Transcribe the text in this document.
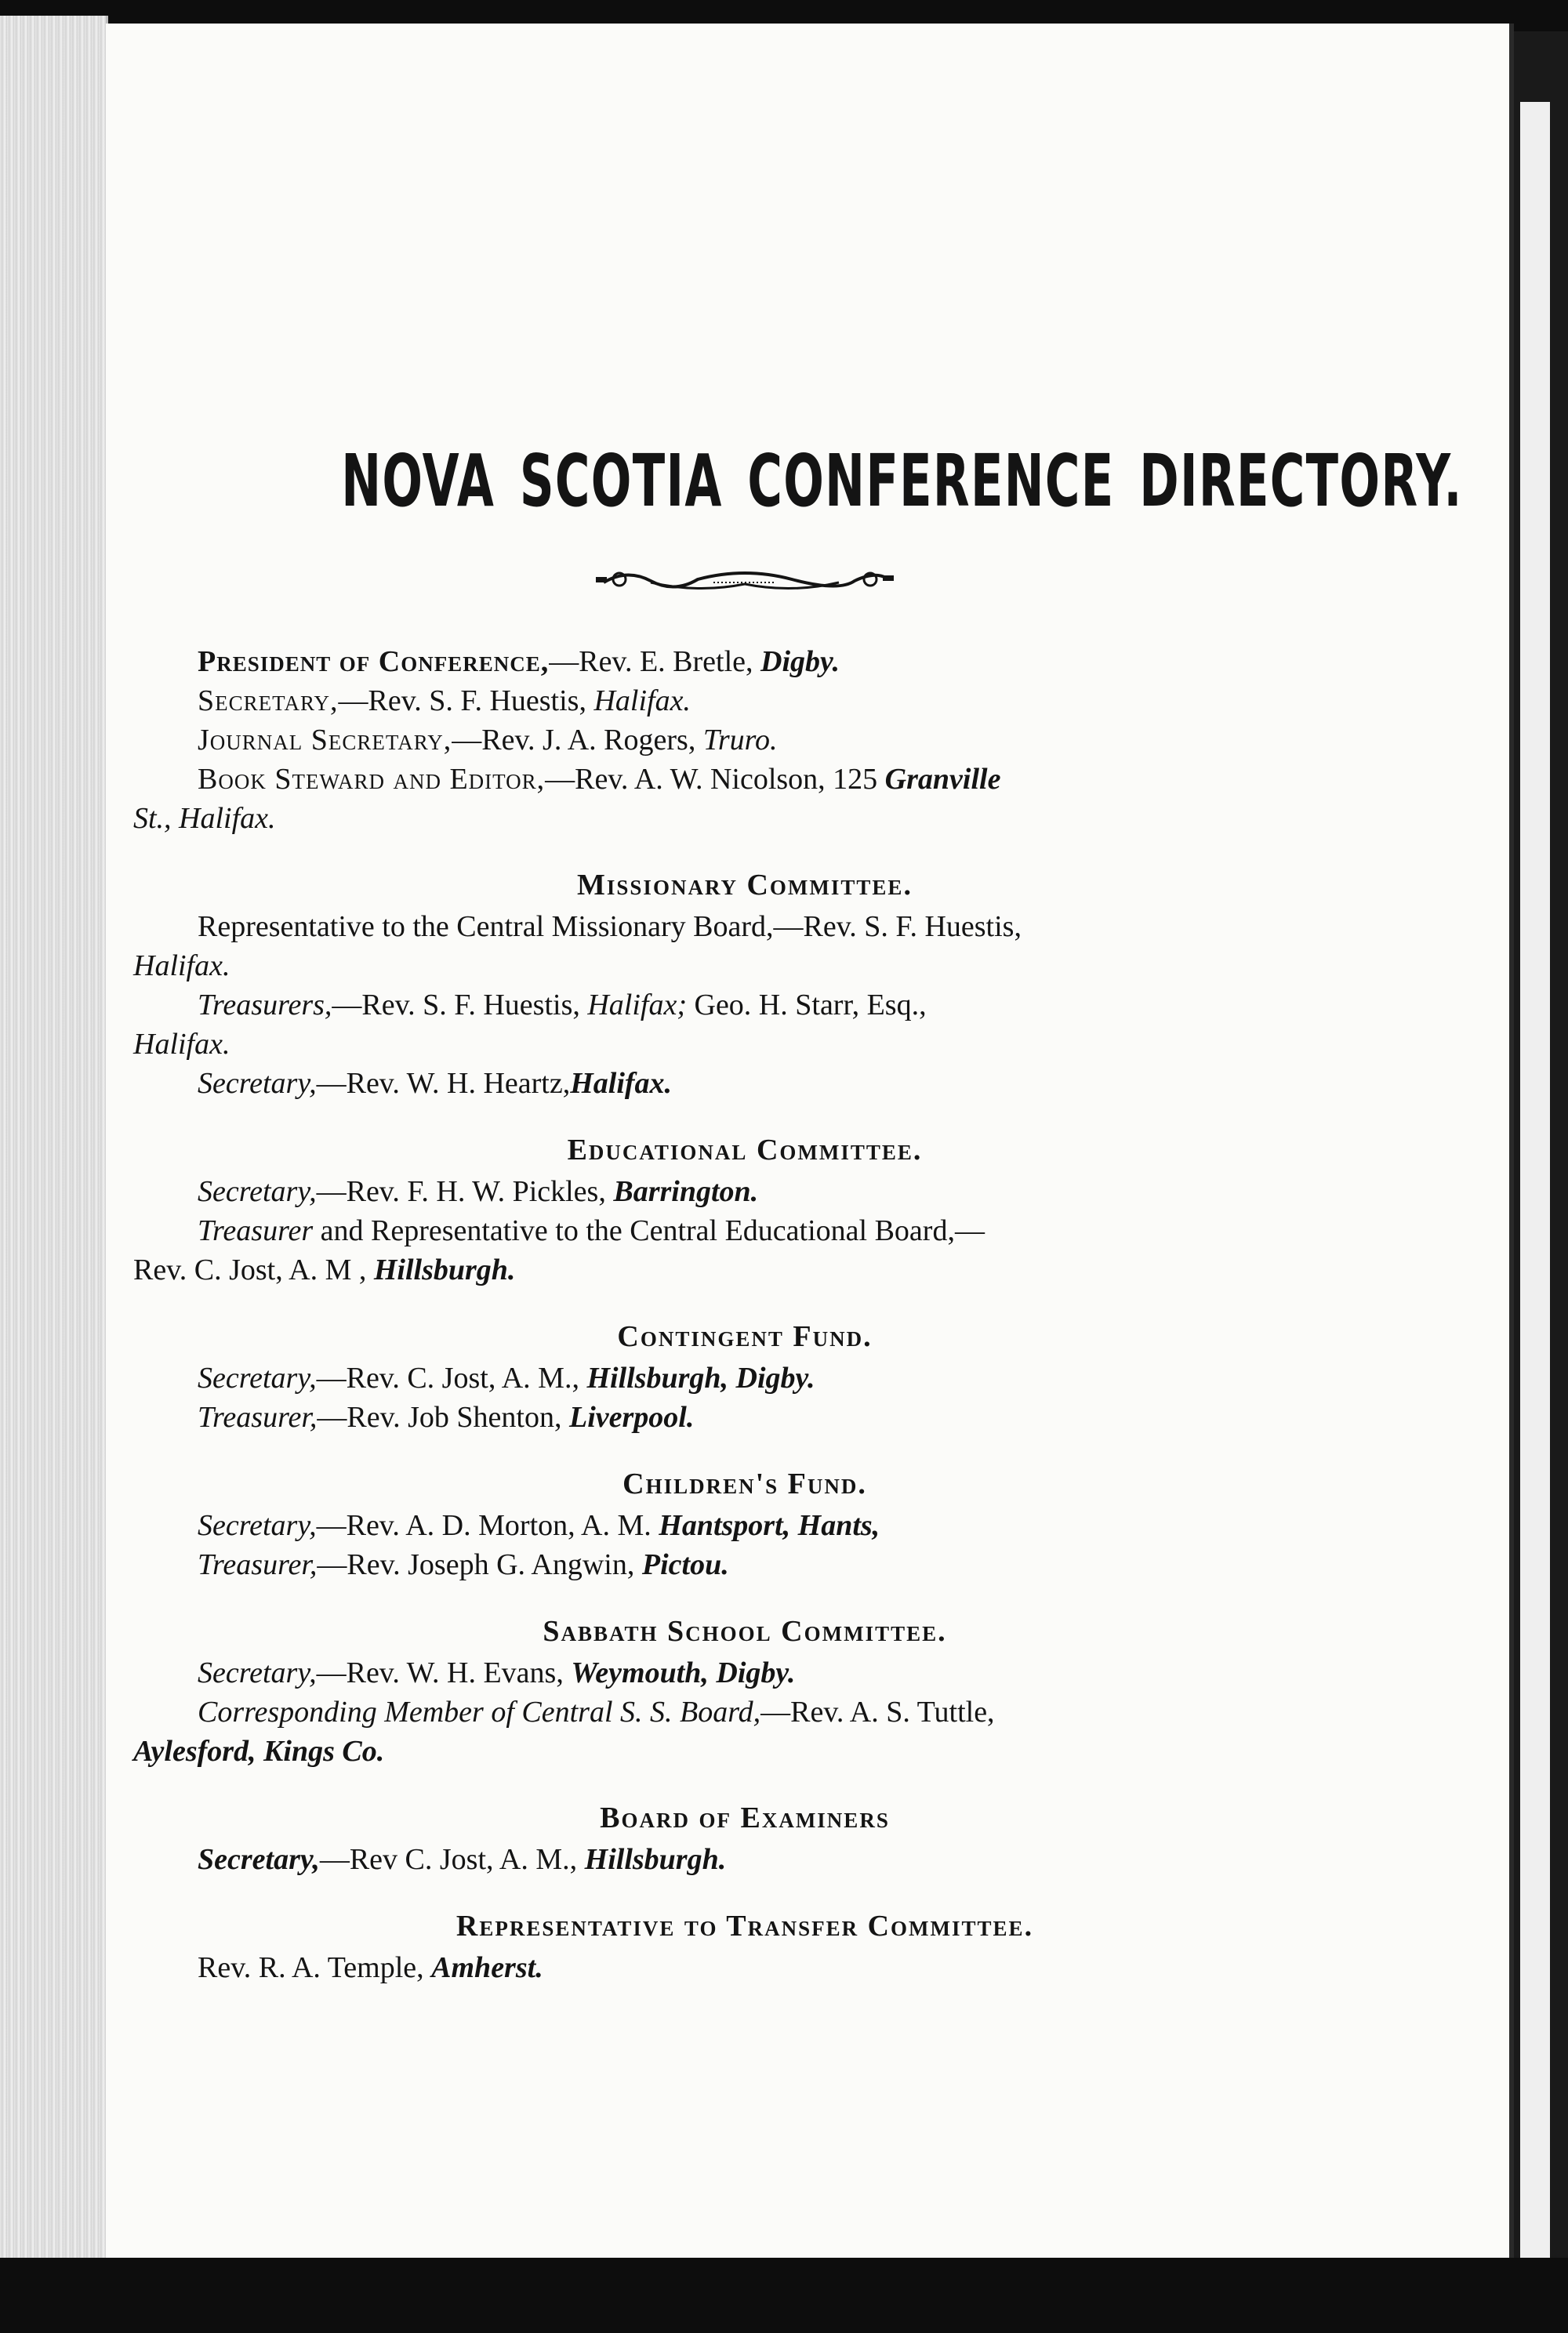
NOVA SCOTIA CONFERENCE DIRECTORY.

President of Conference,—Rev. E. Bretle, Digby.

Secretary,—Rev. S. F. Huestis, Halifax.

Journal Secretary,—Rev. J. A. Rogers, Truro.

Book Steward and Editor,—Rev. A. W. Nicolson, 125 Granville

St., Halifax.

Missionary Committee.

Representative to the Central Missionary Board,—Rev. S. F. Huestis,

Halifax.

Treasurers,—Rev. S. F. Huestis, Halifax; Geo. H. Starr, Esq.,

Halifax.

Secretary,—Rev. W. H. Heartz,Halifax.

Educational Committee.

Secretary,—Rev. F. H. W. Pickles, Barrington.

Treasurer and Representative to the Central Educational Board,—

Rev. C. Jost, A. M , Hillsburgh.

Contingent Fund.

Secretary,—Rev. C. Jost, A. M., Hillsburgh, Digby.

Treasurer,—Rev. Job Shenton, Liverpool.

Children's Fund.

Secretary,—Rev. A. D. Morton, A. M. Hantsport, Hants,

Treasurer,—Rev. Joseph G. Angwin, Pictou.

Sabbath School Committee.

Secretary,—Rev. W. H. Evans, Weymouth, Digby.

Corresponding Member of Central S. S. Board,—Rev. A. S. Tuttle,

Aylesford, Kings Co.

Board of Examiners

Secretary,—Rev C. Jost, A. M., Hillsburgh.

Representative to Transfer Committee.

Rev. R. A. Temple, Amherst.
